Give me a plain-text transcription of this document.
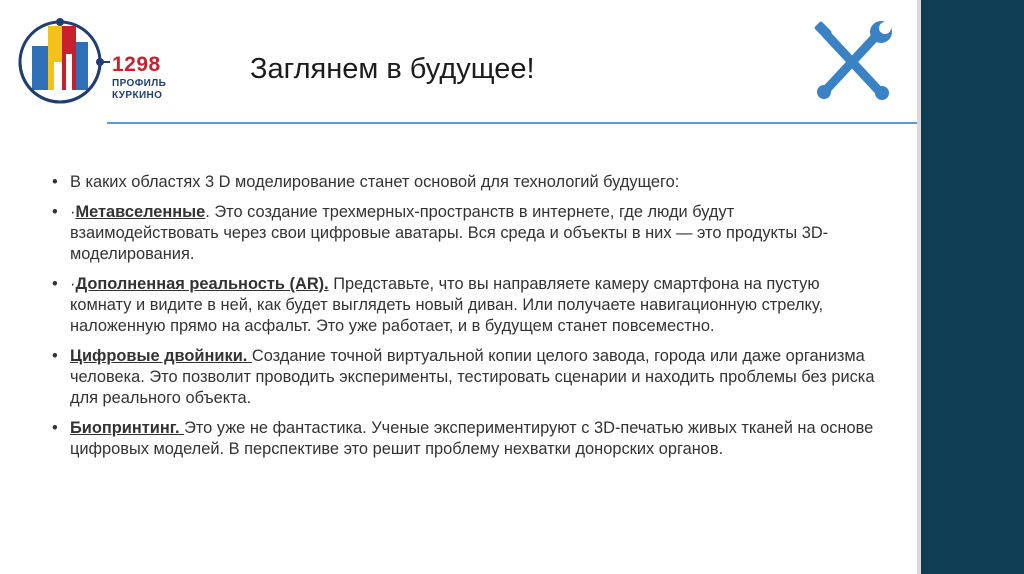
1298
ПРОФИЛЬ
КУРКИНО
Заглянем в будущее!
• В каких областях 3 D моделирование станет основой для технологий будущего:
• ·Метавселенные. Это создание трехмерных-пространств в интернете, где люди будут взаимодействовать через свои цифровые аватары. Вся среда и объекты в них — это продукты 3D-моделирования.
• ·Дополненная реальность (AR). Представьте, что вы направляете камеру смартфона на пустую комнату и видите в ней, как будет выглядеть новый диван. Или получаете навигационную стрелку, наложенную прямо на асфальт. Это уже работает, и в будущем станет повсеместно.
• Цифровые двойники. Создание точной виртуальной копии целого завода, города или даже организма человека. Это позволит проводить эксперименты, тестировать сценарии и находить проблемы без риска для реального объекта.
• Биопринтинг. Это уже не фантастика. Ученые экспериментируют с 3D-печатью живых тканей на основе цифровых моделей. В перспективе это решит проблему нехватки донорских органов.
